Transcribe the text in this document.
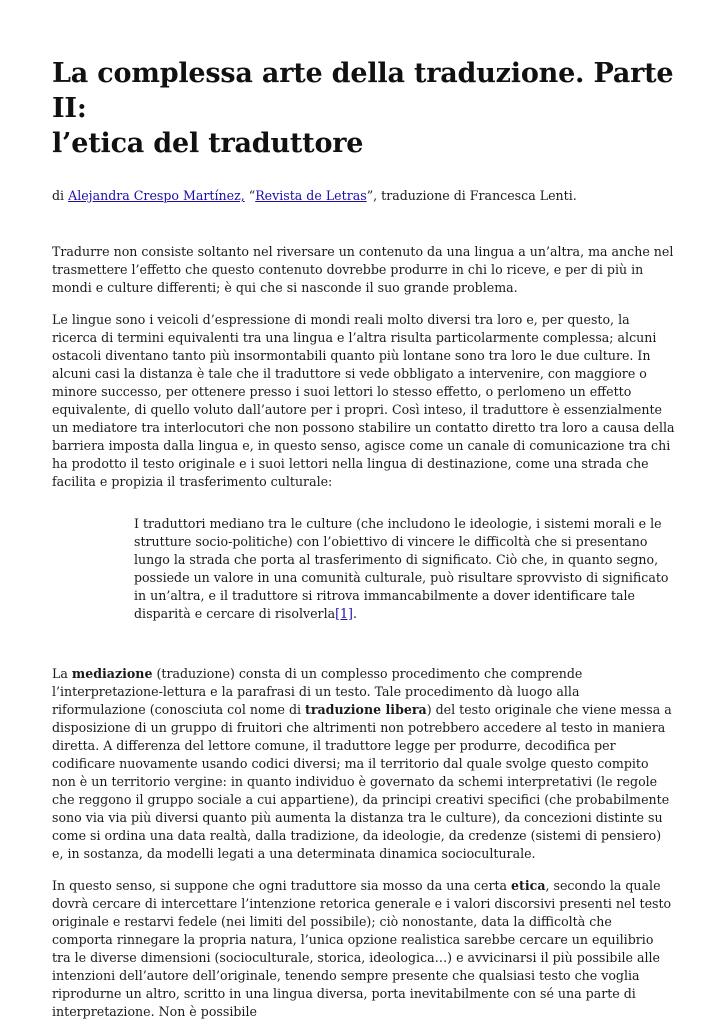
La complessa arte della traduzione. Parte II:
l’etica del traduttore
di Alejandra Crespo Martínez, “Revista de Letras”, traduzione di Francesca Lenti.

Tradurre non consiste soltanto nel riversare un contenuto da una lingua a un’altra, ma anche nel trasmettere l’effetto che questo contenuto dovrebbe produrre in chi lo riceve, e per di più in mondi e culture differenti; è qui che si nasconde il suo grande problema.

Le lingue sono i veicoli d’espressione di mondi reali molto diversi tra loro e, per questo, la ricerca di termini equivalenti tra una lingua e l’altra risulta particolarmente complessa; alcuni ostacoli diventano tanto più insormontabili quanto più lontane sono tra loro le due culture. In alcuni casi la distanza è tale che il traduttore si vede obbligato a intervenire, con maggiore o minore successo, per ottenere presso i suoi lettori lo stesso effetto, o perlomeno un effetto equivalente, di quello voluto dall’autore per i propri. Così inteso, il traduttore è essenzialmente un mediatore tra interlocutori che non possono stabilire un contatto diretto tra loro a causa della barriera imposta dalla lingua e, in questo senso, agisce come un canale di comunicazione tra chi ha prodotto il testo originale e i suoi lettori nella lingua di destinazione, come una strada che facilita e propizia il trasferimento culturale:

I traduttori mediano tra le culture (che includono le ideologie, i sistemi morali e le strutture socio-politiche) con l’obiettivo di vincere le difficoltà che si presentano lungo la strada che porta al trasferimento di significato. Ciò che, in quanto segno, possiede un valore in una comunità culturale, può risultare sprovvisto di significato in un’altra, e il traduttore si ritrova immancabilmente a dover identificare tale disparità e cercare di risolverla[1].

La mediazione (traduzione) consta di un complesso procedimento che comprende l’interpretazione-lettura e la parafrasi di un testo. Tale procedimento dà luogo alla riformulazione (conosciuta col nome di traduzione libera) del testo originale che viene messa a disposizione di un gruppo di fruitori che altrimenti non potrebbero accedere al testo in maniera diretta. A differenza del lettore comune, il traduttore legge per produrre, decodifica per codificare nuovamente usando codici diversi; ma il territorio dal quale svolge questo compito non è un territorio vergine: in quanto individuo è governato da schemi interpretativi (le regole che reggono il gruppo sociale a cui appartiene), da principi creativi specifici (che probabilmente sono via via più diversi quanto più aumenta la distanza tra le culture), da concezioni distinte su come si ordina una data realtà, dalla tradizione, da ideologie, da credenze (sistemi di pensiero) e, in sostanza, da modelli legati a una determinata dinamica socioculturale.

In questo senso, si suppone che ogni traduttore sia mosso da una certa etica, secondo la quale dovrà cercare di intercettare l’intenzione retorica generale e i valori discorsivi presenti nel testo originale e restarvi fedele (nei limiti del possibile); ciò nonostante, data la difficoltà che comporta rinnegare la propria natura, l’unica opzione realistica sarebbe cercare un equilibrio tra le diverse dimensioni (socioculturale, storica, ideologica…) e avvicinarsi il più possibile alle intenzioni dell’autore dell’originale, tenendo sempre presente che qualsiasi testo che voglia riprodurne un altro, scritto in una lingua diversa, porta inevitabilmente con sé una parte di interpretazione. Non è possibile
